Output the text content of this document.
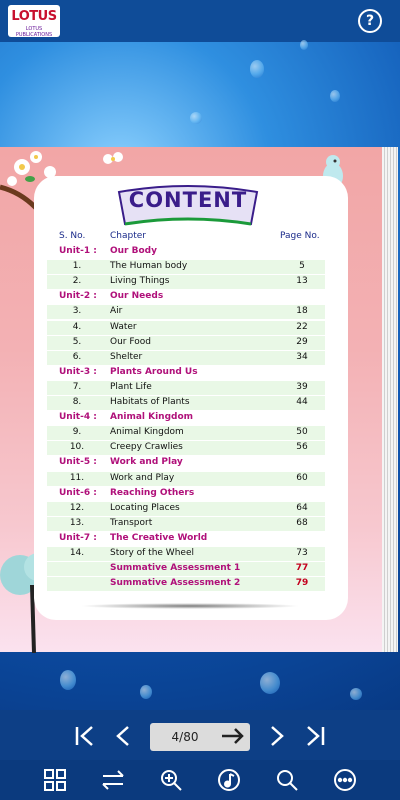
LOTUS
LOTUS PUBLICATIONS
?
CONTENT
S. No.	Chapter	Page No.
Unit-1 : Our Body
1.	The Human body	5
2.	Living Things	13
Unit-2 : Our Needs
3.	Air	18
4.	Water	22
5.	Our Food	29
6.	Shelter	34
Unit-3 : Plants Around Us
7.	Plant Life	39
8.	Habitats of Plants	44
Unit-4 : Animal Kingdom
9.	Animal Kingdom	50
10.	Creepy Crawlies	56
Unit-5 : Work and Play
11.	Work and Play	60
Unit-6 : Reaching Others
12.	Locating Places	64
13.	Transport	68
Unit-7 : The Creative World
14.	Story of the Wheel	73
Summative Assessment 1	77
Summative Assessment 2	79
4/80
